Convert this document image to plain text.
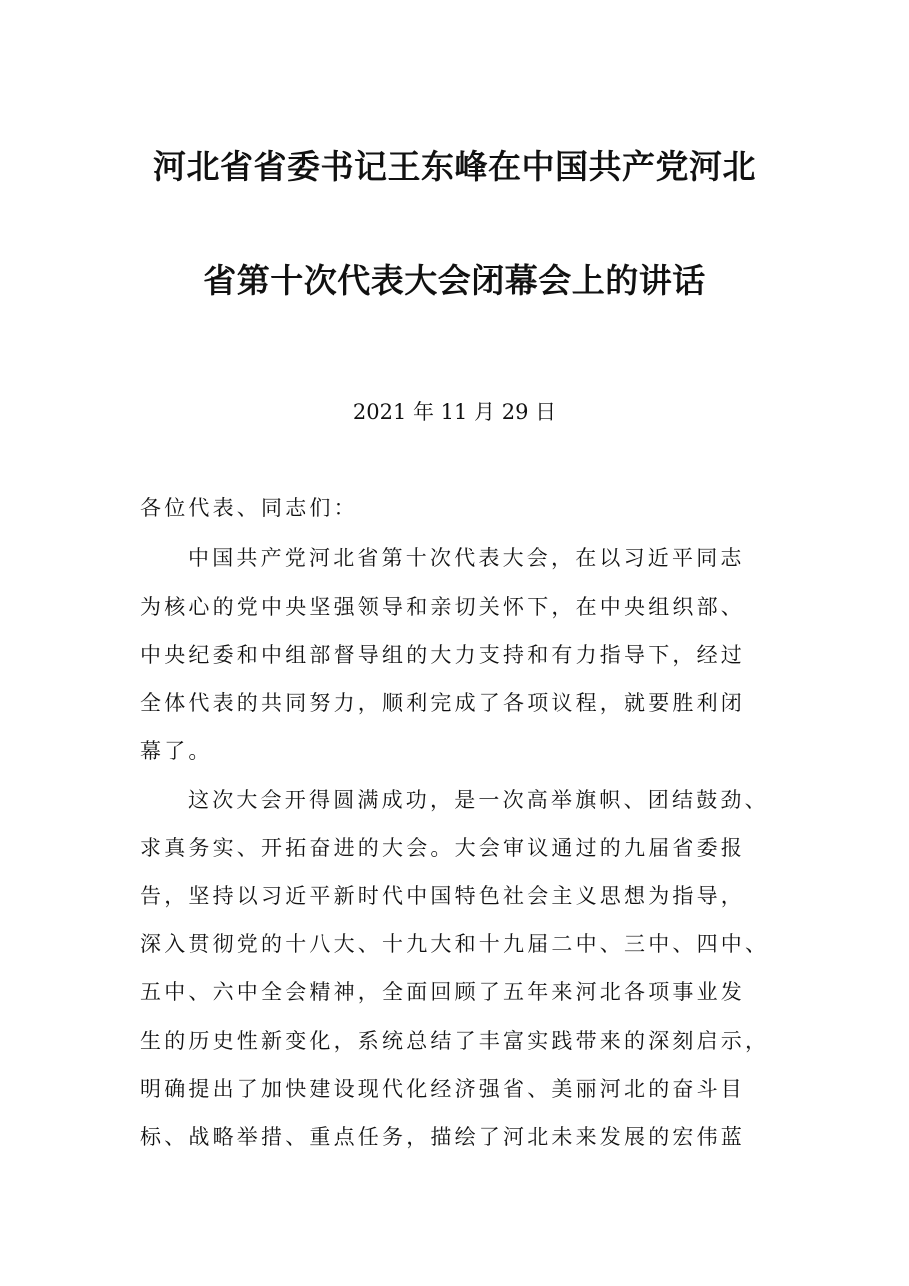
河北省省委书记王东峰在中国共产党河北
省第十次代表大会闭幕会上的讲话
2021 年 11 月 29 日
各位代表、同志们：
中国共产党河北省第十次代表大会，在以习近平同志
为核心的党中央坚强领导和亲切关怀下，在中央组织部、
中央纪委和中组部督导组的大力支持和有力指导下，经过
全体代表的共同努力，顺利完成了各项议程，就要胜利闭
幕了。
这次大会开得圆满成功，是一次高举旗帜、团结鼓劲、
求真务实、开拓奋进的大会。大会审议通过的九届省委报
告，坚持以习近平新时代中国特色社会主义思想为指导，
深入贯彻党的十八大、十九大和十九届二中、三中、四中、
五中、六中全会精神，全面回顾了五年来河北各项事业发
生的历史性新变化，系统总结了丰富实践带来的深刻启示，
明确提出了加快建设现代化经济强省、美丽河北的奋斗目
标、战略举措、重点任务，描绘了河北未来发展的宏伟蓝
